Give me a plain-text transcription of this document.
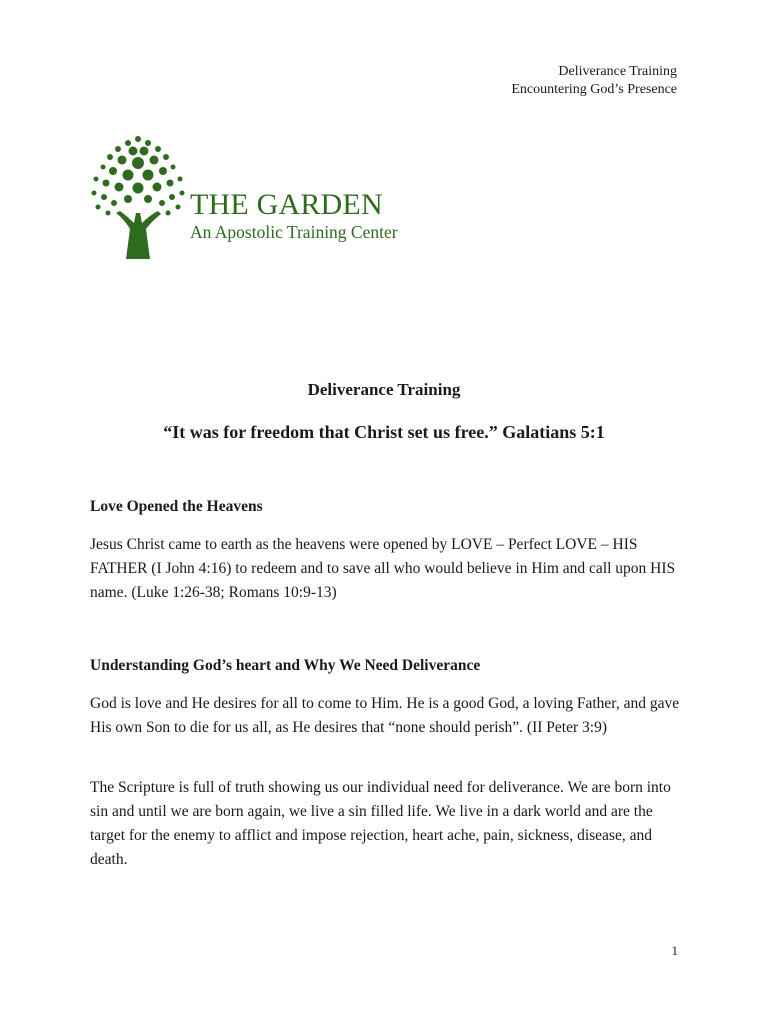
Deliverance Training
Encountering God’s Presence
THE GARDEN
An Apostolic Training Center
Deliverance Training
“It was for freedom that Christ set us free.” Galatians 5:1
Love Opened the Heavens
Jesus Christ came to earth as the heavens were opened by LOVE – Perfect LOVE – HIS FATHER (I John 4:16) to redeem and to save all who would believe in Him and call upon HIS name. (Luke 1:26-38; Romans 10:9-13)
Understanding God’s heart and Why We Need Deliverance
God is love and He desires for all to come to Him. He is a good God, a loving Father, and gave His own Son to die for us all, as He desires that “none should perish”. (II Peter 3:9)
The Scripture is full of truth showing us our individual need for deliverance. We are born into sin and until we are born again, we live a sin filled life. We live in a dark world and are the target for the enemy to afflict and impose rejection, heart ache, pain, sickness, disease, and death.
1
